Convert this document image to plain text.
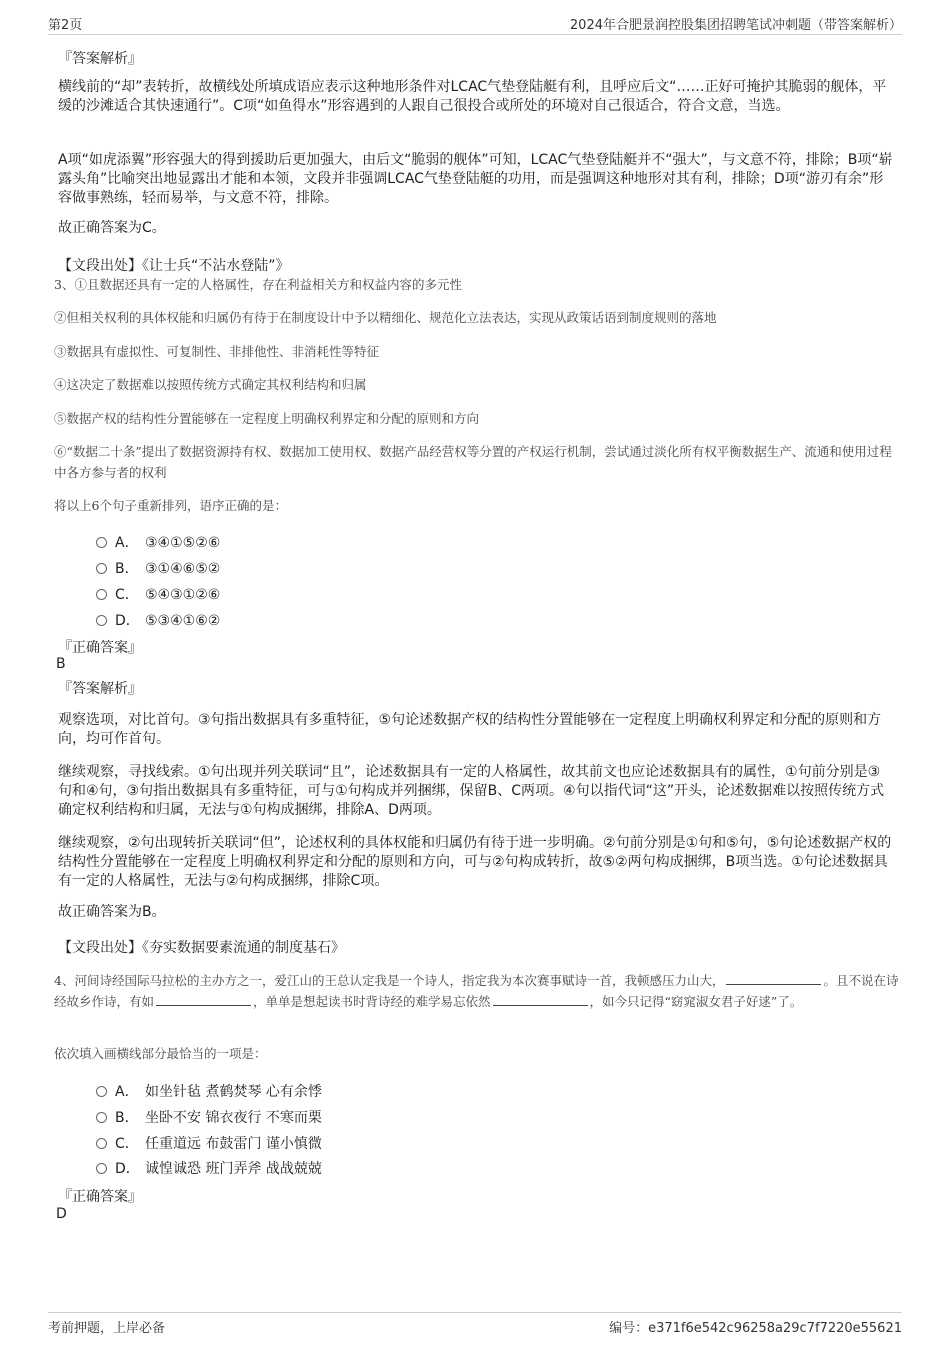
第2页	2024年合肥景润控股集团招聘笔试冲刺题（带答案解析）
『答案解析』
横线前的“却”表转折，故横线处所填成语应表示这种地形条件对LCAC气垫登陆艇有利，且呼应后文“……正好可掩护其脆弱的舰体，平缓的沙滩适合其快速通行”。C项“如鱼得水”形容遇到的人跟自己很投合或所处的环境对自己很适合，符合文意，当选。
A项“如虎添翼”形容强大的得到援助后更加强大，由后文“脆弱的舰体”可知，LCAC气垫登陆艇并不“强大”，与文意不符，排除；B项“崭露头角”比喻突出地显露出才能和本领，文段并非强调LCAC气垫登陆艇的功用，而是强调这种地形对其有利，排除；D项“游刃有余”形容做事熟练，轻而易举，与文意不符，排除。
故正确答案为C。
【文段出处】《让士兵“不沾水登陆”》
3、①且数据还具有一定的人格属性，存在利益相关方和权益内容的多元性
②但相关权利的具体权能和归属仍有待于在制度设计中予以精细化、规范化立法表达，实现从政策话语到制度规则的落地
③数据具有虚拟性、可复制性、非排他性、非消耗性等特征
④这决定了数据难以按照传统方式确定其权利结构和归属
⑤数据产权的结构性分置能够在一定程度上明确权利界定和分配的原则和方向
⑥“数据二十条”提出了数据资源持有权、数据加工使用权、数据产品经营权等分置的产权运行机制，尝试通过淡化所有权平衡数据生产、流通和使用过程中各方参与者的权利
将以上6个句子重新排列，语序正确的是：
A． ③④①⑤②⑥
B． ③①④⑥⑤②
C． ⑤④③①②⑥
D． ⑤③④①⑥②
『正确答案』
B
『答案解析』
观察选项，对比首句。③句指出数据具有多重特征，⑤句论述数据产权的结构性分置能够在一定程度上明确权利界定和分配的原则和方向，均可作首句。
继续观察，寻找线索。①句出现并列关联词“且”，论述数据具有一定的人格属性，故其前文也应论述数据具有的属性，①句前分别是③句和④句，③句指出数据具有多重特征，可与①句构成并列捆绑，保留B、C两项。④句以指代词“这”开头，论述数据难以按照传统方式确定权利结构和归属，无法与①句构成捆绑，排除A、D两项。
继续观察，②句出现转折关联词“但”，论述权利的具体权能和归属仍有待于进一步明确。②句前分别是①句和⑤句，⑤句论述数据产权的结构性分置能够在一定程度上明确权利界定和分配的原则和方向，可与②句构成转折，故⑤②两句构成捆绑，B项当选。①句论述数据具有一定的人格属性，无法与②句构成捆绑，排除C项。
故正确答案为B。
【文段出处】《夯实数据要素流通的制度基石》
4、河间诗经国际马拉松的主办方之一，爱江山的王总认定我是一个诗人，指定我为本次赛事赋诗一首，我顿感压力山大，	。且不说在诗经故乡作诗，有如	，单单是想起读书时背诗经的难学易忘依然	，如今只记得“窈窕淑女君子好逑”了。
依次填入画横线部分最恰当的一项是：
A． 如坐针毡 煮鹤焚琴 心有余悸
B． 坐卧不安 锦衣夜行 不寒而栗
C． 任重道远 布鼓雷门 谨小慎微
D． 诚惶诚恐 班门弄斧 战战兢兢
『正确答案』
D
考前押题，上岸必备	编号：e371f6e542c96258a29c7f7220e55621
